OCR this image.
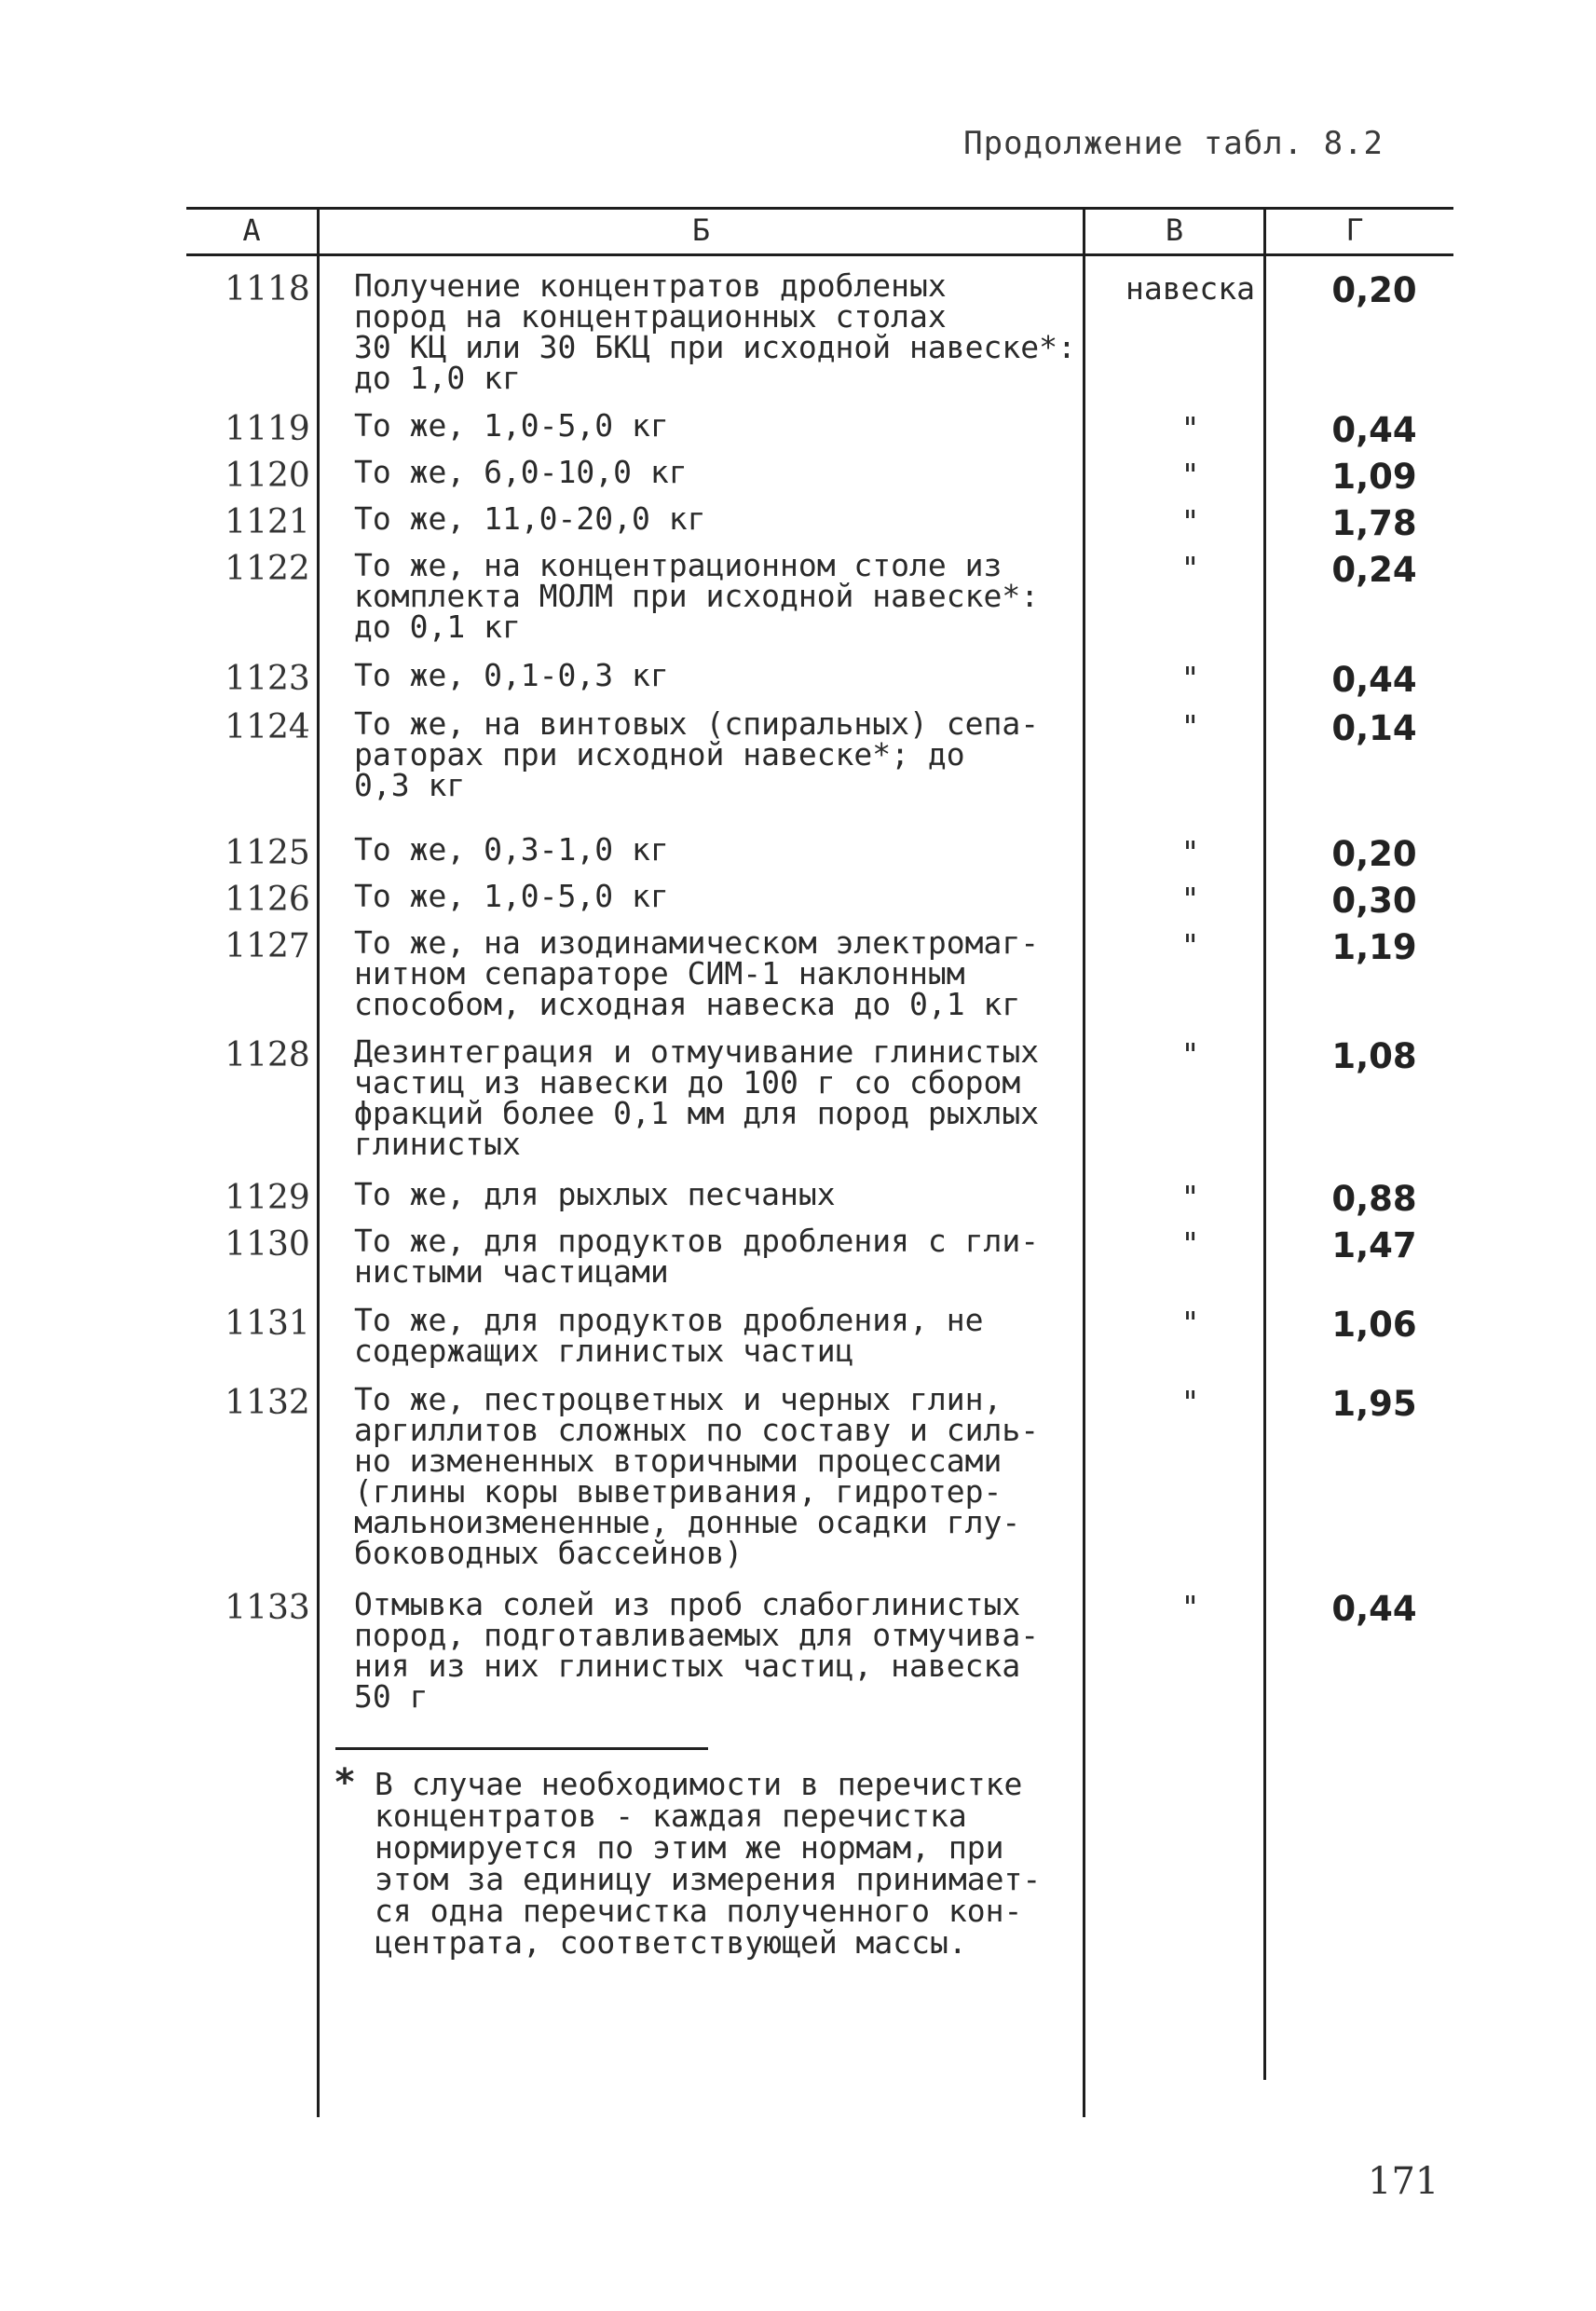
Продолжение табл. 8.2
А	Б	В	Г
1118	Получение концентратов дробленых
пород на концентрационных столах
30 КЦ или 30 БКЦ при исходной навеске*:
до 1,0 кг
навеска	0,20
1119	То же, 1,0-5,0 кг	"	0,44
1120	То же, 6,0-10,0 кг	"	1,09
1121	То же, 11,0-20,0 кг	"	1,78
1122	То же, на концентрационном столе из
комплекта МОЛМ при исходной навеске*:
до 0,1 кг
"	0,24
1123	То же, 0,1-0,3 кг	"	0,44
1124	То же, на винтовых (спиральных) сепа-
раторах при исходной навеске*; до
0,3 кг
"	0,14
1125	То же, 0,3-1,0 кг	"	0,20
1126	То же, 1,0-5,0 кг	"	0,30
1127	То же, на изодинамическом электромаг-
нитном сепараторе СИМ-1 наклонным
способом, исходная навеска до 0,1 кг
"	1,19
1128	Дезинтеграция и отмучивание глинистых
частиц из навески до 100 г со сбором
фракций более 0,1 мм для пород рыхлых
глинистых
"	1,08
1129	То же, для рыхлых песчаных	"	0,88
1130	То же, для продуктов дробления с гли-
нистыми частицами
"	1,47
1131	То же, для продуктов дробления, не
содержащих глинистых частиц
"	1,06
1132	То же, пестроцветных и черных глин,
аргиллитов сложных по составу и силь-
но измененных вторичными процессами
(глины коры выветривания, гидротер-
мальноизмененные, донные осадки глу-
боководных бассейнов)
"	1,95
1133	Отмывка солей из проб слабоглинистых
пород, подготавливаемых для отмучива-
ния из них глинистых частиц, навеска
50 г
"	0,44
* В случае необходимости в перечистке
концентратов - каждая перечистка
нормируется по этим же нормам, при
этом за единицу измерения принимает-
ся одна перечистка полученного кон-
центрата, соответствующей массы.
171
